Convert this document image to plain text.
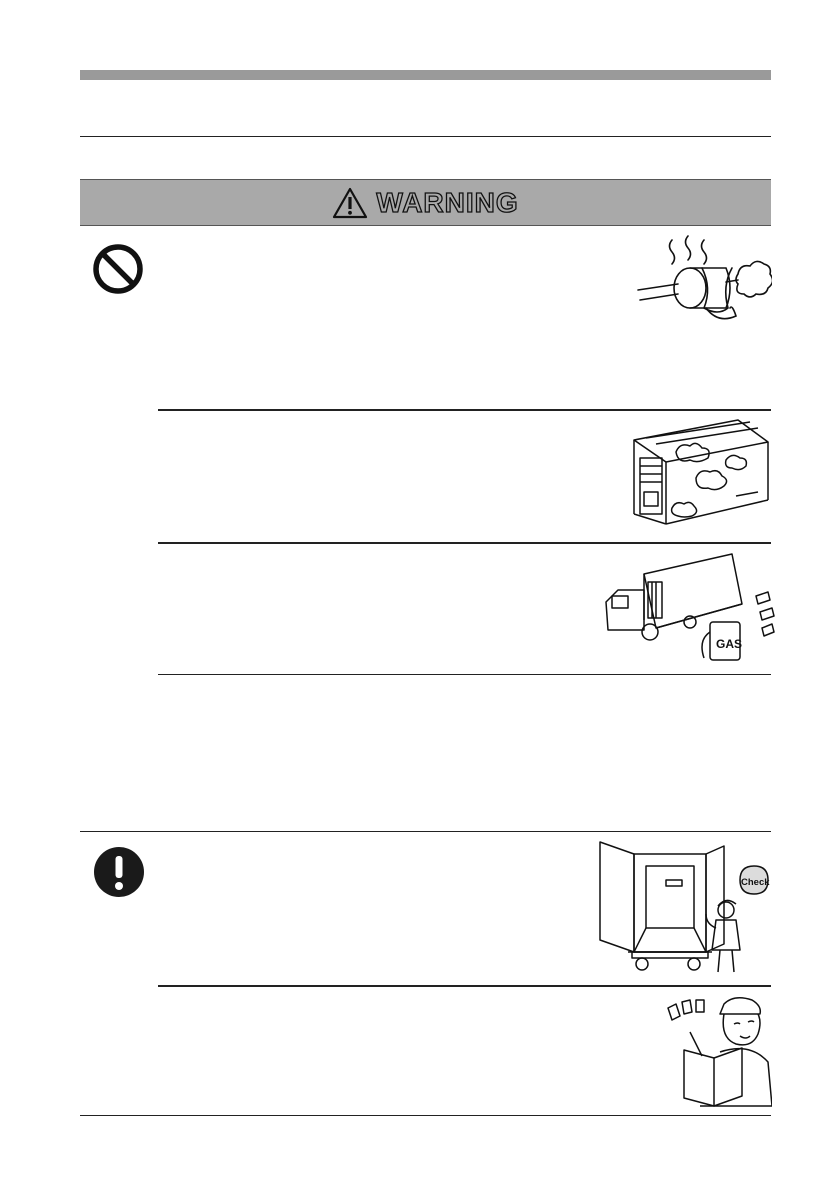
WARNING
GAS
Check
